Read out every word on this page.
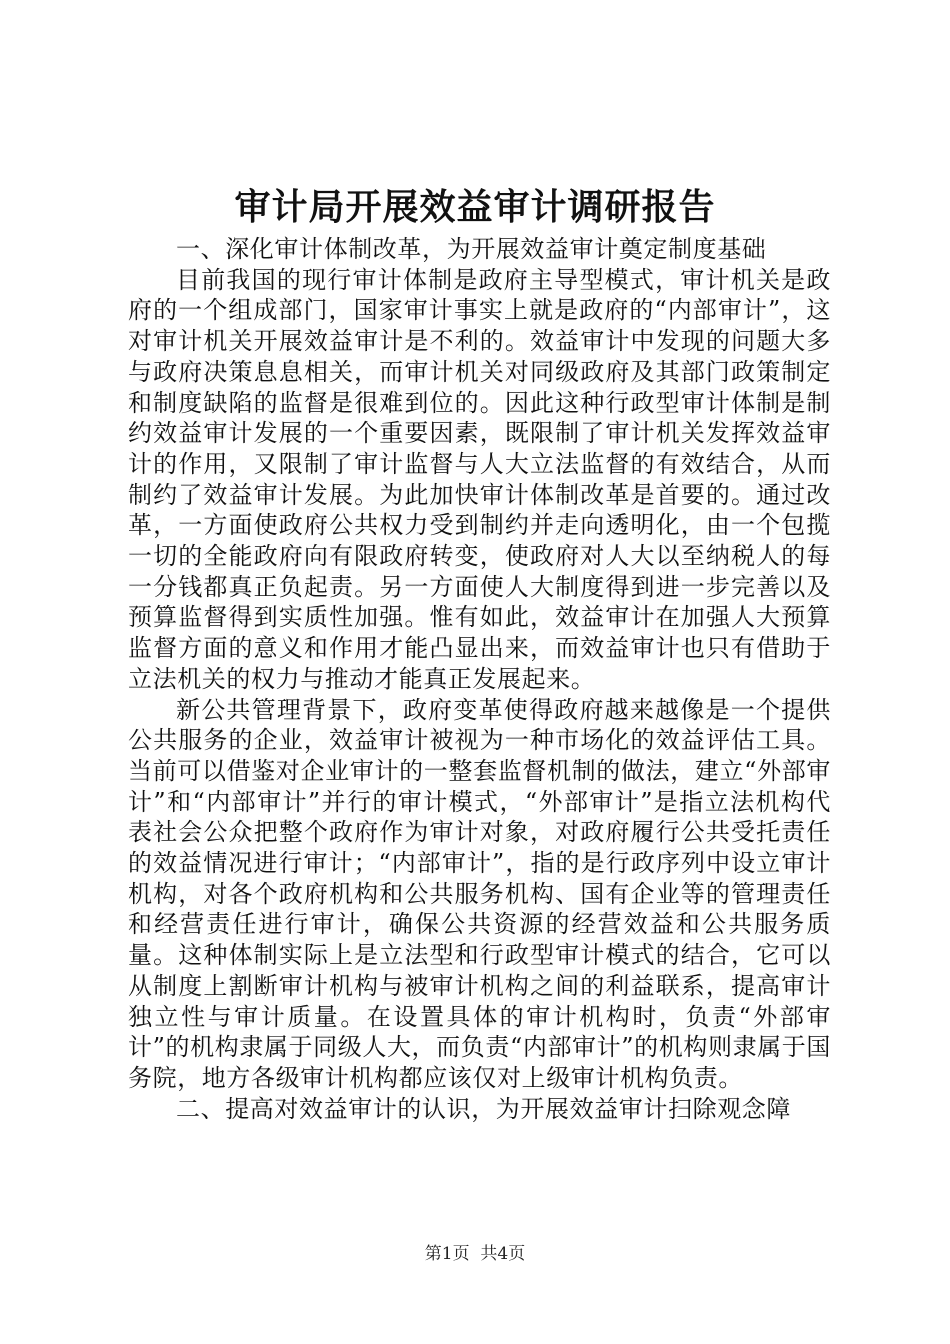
审计局开展效益审计调研报告

一、深化审计体制改革，为开展效益审计奠定制度基础

目前我国的现行审计体制是政府主导型模式，审计机关是政府的一个组成部门，国家审计事实上就是政府的“内部审计”，这对审计机关开展效益审计是不利的。效益审计中发现的问题大多与政府决策息息相关，而审计机关对同级政府及其部门政策制定和制度缺陷的监督是很难到位的。因此这种行政型审计体制是制约效益审计发展的一个重要因素，既限制了审计机关发挥效益审计的作用，又限制了审计监督与人大立法监督的有效结合，从而制约了效益审计发展。为此加快审计体制改革是首要的。通过改革，一方面使政府公共权力受到制约并走向透明化，由一个包揽一切的全能政府向有限政府转变，使政府对人大以至纳税人的每一分钱都真正负起责。另一方面使人大制度得到进一步完善以及预算监督得到实质性加强。惟有如此，效益审计在加强人大预算监督方面的意义和作用才能凸显出来，而效益审计也只有借助于立法机关的权力与推动才能真正发展起来。

新公共管理背景下，政府变革使得政府越来越像是一个提供公共服务的企业，效益审计被视为一种市场化的效益评估工具。当前可以借鉴对企业审计的一整套监督机制的做法，建立“外部审计”和“内部审计”并行的审计模式，“外部审计”是指立法机构代表社会公众把整个政府作为审计对象，对政府履行公共受托责任的效益情况进行审计；“内部审计”，指的是行政序列中设立审计机构，对各个政府机构和公共服务机构、国有企业等的管理责任和经营责任进行审计，确保公共资源的经营效益和公共服务质量。这种体制实际上是立法型和行政型审计模式的结合，它可以从制度上割断审计机构与被审计机构之间的利益联系，提高审计独立性与审计质量。在设置具体的审计机构时，负责“外部审计”的机构隶属于同级人大，而负责“内部审计”的机构则隶属于国务院，地方各级审计机构都应该仅对上级审计机构负责。

二、提高对效益审计的认识，为开展效益审计扫除观念障

第1页 共4页
